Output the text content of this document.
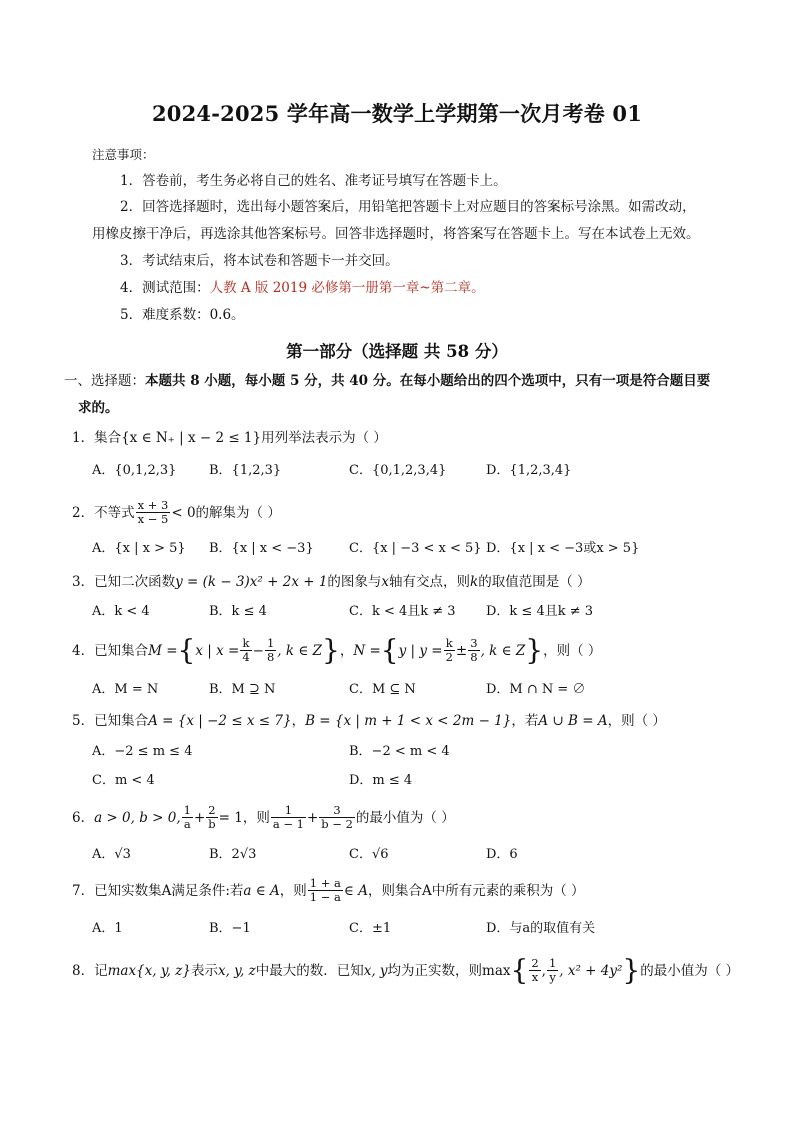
2024-2025 学年高一数学上学期第一次月考卷 01
注意事项：
1．答卷前，考生务必将自己的姓名、准考证号填写在答题卡上。
2．回答选择题时，选出每小题答案后，用铅笔把答题卡上对应题目的答案标号涂黑。如需改动，
用橡皮擦干净后，再选涂其他答案标号。回答非选择题时，将答案写在答题卡上。写在本试卷上无效。
3．考试结束后，将本试卷和答题卡一并交回。
4．测试范围：人教 A 版 2019 必修第一册第一章~第二章。
5．难度系数：0.6。
第一部分（选择题 共 58 分）
一、选择题：本题共 8 小题，每小题 5 分，共 40 分。在每小题给出的四个选项中，只有一项是符合题目要
求的。
1．集合{x ∈ N₊ | x − 2 ≤ 1}用列举法表示为（ ）
A．{0,1,2,3}	B．{1,2,3}	C．{0,1,2,3,4}	D．{1,2,3,4}
2．不等式 $\frac{x + 3}{x - 5} < 0$的解集为（ ）
A．{x | x > 5} B．{x | x < −3}	C．{x | −3 < x < 5} D．{x | x < −3或x > 5}
3．已知二次函数y = (k − 3)x² + 2x + 1的图象与x轴有交点，则k的取值范围是（ ）
A．k < 4	B．k ≤ 4	C．k < 4且k ≠ 3 D．k ≤ 4且k ≠ 3
4．已知集合M ={x | $x = \frac{k}{4} - \frac{1}{8}$ , k ∈ Z}，N ={y | $y = \frac{k}{2} \pm \frac{3}{8}$ , k ∈ Z}，则（ ）
A．M = N	B．M ⊇ N	C．M ⊆ N	D．M ∩ N = ∅
5．已知集合A = {x | −2 ≤ x ≤ 7}，B = {x | m + 1 < x < 2m − 1}，若A ∪ B = A，则（ ）
A．−2 ≤ m ≤ 4	B．−2 < m < 4
C．m < 4	D．m ≤ 4
6．a > 0, b > 0, $\frac{1}{a} + \frac{2}{b} = 1$，则 $\frac{1}{a - 1} + \frac{3}{b - 2}$ 的最小值为（ ）
A．√3	B．2√3	C．√6	D．6
7．已知实数集A满足条件:若a ∈ A，则 $\frac{1 + a}{1 - a}$ ∈ A，则集合A中所有元素的乘积为（ ）
A．1	B．−1	C．±1	D．与a的取值有关
8．记max{x, y, z}表示x, y, z中最大的数．已知x, y均为正实数，则$\max\{ \frac{2}{x}$ , $\frac{1}{y}$ , x² + 4y²}的最小值为（ ）
